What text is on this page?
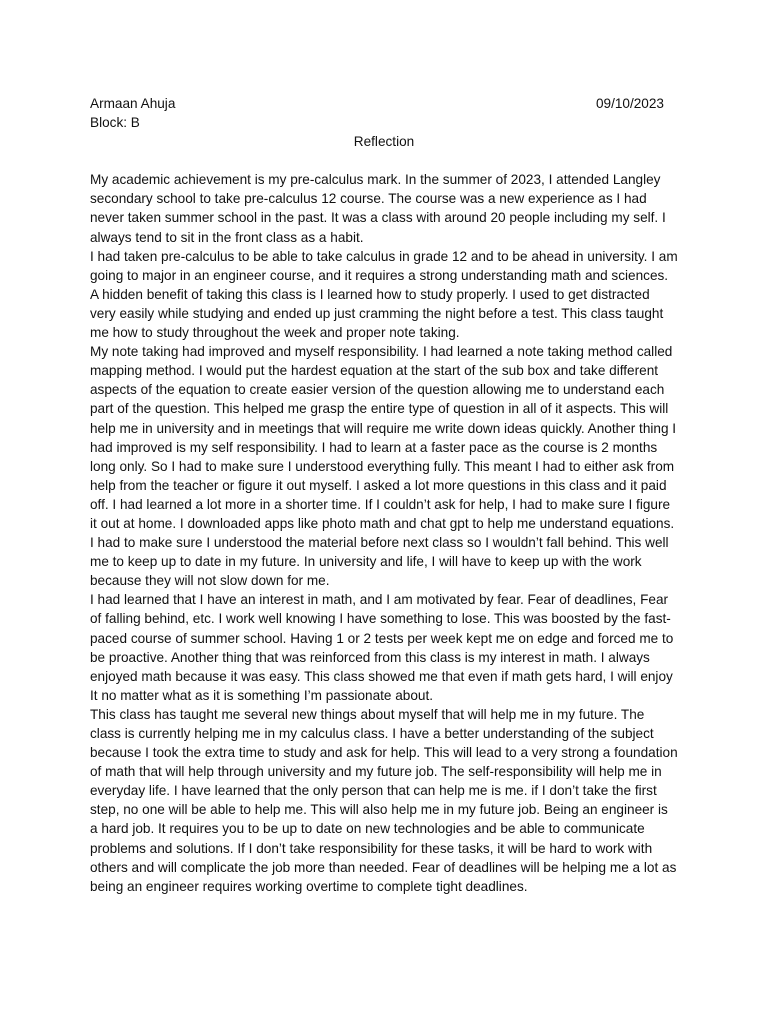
Armaan Ahuja	09/10/2023
Block: B
Reflection

My academic achievement is my pre-calculus mark. In the summer of 2023, I attended Langley secondary school to take pre-calculus 12 course. The course was a new experience as I had never taken summer school in the past. It was a class with around 20 people including my self. I always tend to sit in the front class as a habit.

I had taken pre-calculus to be able to take calculus in grade 12 and to be ahead in university. I am going to major in an engineer course, and it requires a strong understanding math and sciences. A hidden benefit of taking this class is I learned how to study properly. I used to get distracted very easily while studying and ended up just cramming the night before a test. This class taught me how to study throughout the week and proper note taking.

My note taking had improved and myself responsibility. I had learned a note taking method called mapping method. I would put the hardest equation at the start of the sub box and take different aspects of the equation to create easier version of the question allowing me to understand each part of the question. This helped me grasp the entire type of question in all of it aspects. This will help me in university and in meetings that will require me write down ideas quickly. Another thing I had improved is my self responsibility. I had to learn at a faster pace as the course is 2 months long only. So I had to make sure I understood everything fully. This meant I had to either ask from help from the teacher or figure it out myself. I asked a lot more questions in this class and it paid off. I had learned a lot more in a shorter time. If I couldn’t ask for help, I had to make sure I figure it out at home. I downloaded apps like photo math and chat gpt to help me understand equations. I had to make sure I understood the material before next class so I wouldn’t fall behind. This well me to keep up to date in my future. In university and life, I will have to keep up with the work because they will not slow down for me.

I had learned that I have an interest in math, and I am motivated by fear. Fear of deadlines, Fear of falling behind, etc. I work well knowing I have something to lose. This was boosted by the fast-paced course of summer school. Having 1 or 2 tests per week kept me on edge and forced me to be proactive. Another thing that was reinforced from this class is my interest in math. I always enjoyed math because it was easy. This class showed me that even if math gets hard, I will enjoy It no matter what as it is something I’m passionate about.

This class has taught me several new things about myself that will help me in my future. The class is currently helping me in my calculus class. I have a better understanding of the subject because I took the extra time to study and ask for help. This will lead to a very strong a foundation of math that will help through university and my future job. The self-responsibility will help me in everyday life. I have learned that the only person that can help me is me. if I don’t take the first step, no one will be able to help me. This will also help me in my future job. Being an engineer is a hard job. It requires you to be up to date on new technologies and be able to communicate problems and solutions. If I don’t take responsibility for these tasks, it will be hard to work with others and will complicate the job more than needed. Fear of deadlines will be helping me a lot as being an engineer requires working overtime to complete tight deadlines.
